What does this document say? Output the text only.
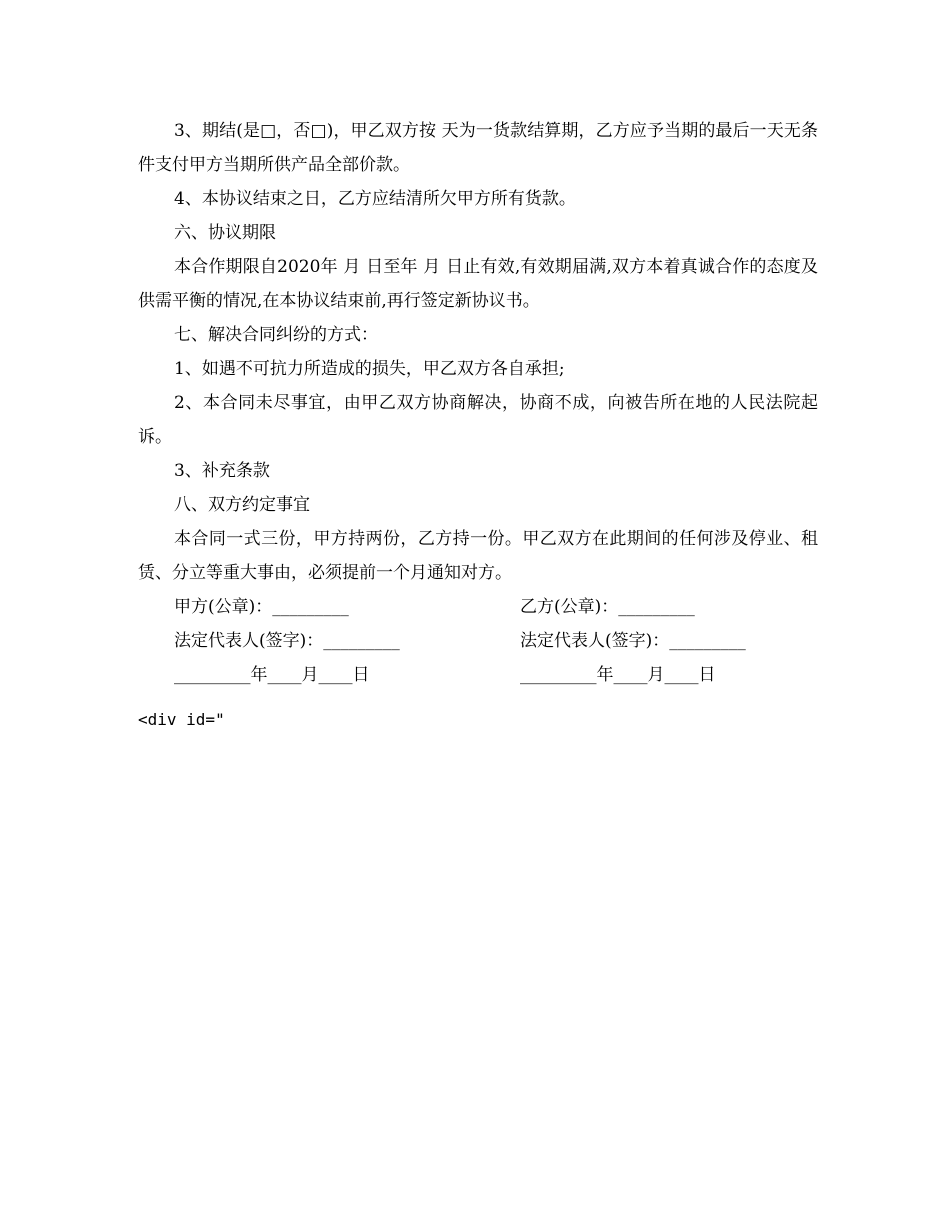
3、期结(是□，否□)，甲乙双方按 天为一货款结算期，乙方应予当期的最后一天无条件支付甲方当期所供产品全部价款。

4、本协议结束之日，乙方应结清所欠甲方所有货款。

六、协议期限

本合作期限自2020年 月 日至年 月 日止有效,有效期届满,双方本着真诚合作的态度及供需平衡的情况,在本协议结束前,再行签定新协议书。

七、解决合同纠纷的方式：

1、如遇不可抗力所造成的损失，甲乙双方各自承担;

2、本合同未尽事宜，由甲乙双方协商解决，协商不成，向被告所在地的人民法院起诉。

3、补充条款

八、双方约定事宜

本合同一式三份，甲方持两份，乙方持一份。甲乙双方在此期间的任何涉及停业、租赁、分立等重大事由，必须提前一个月通知对方。

甲方(公章)：_________	乙方(公章)：_________
法定代表人(签字)：_________	法定代表人(签字)：_________
_________年____月____日	_________年____月____日
<div id="
